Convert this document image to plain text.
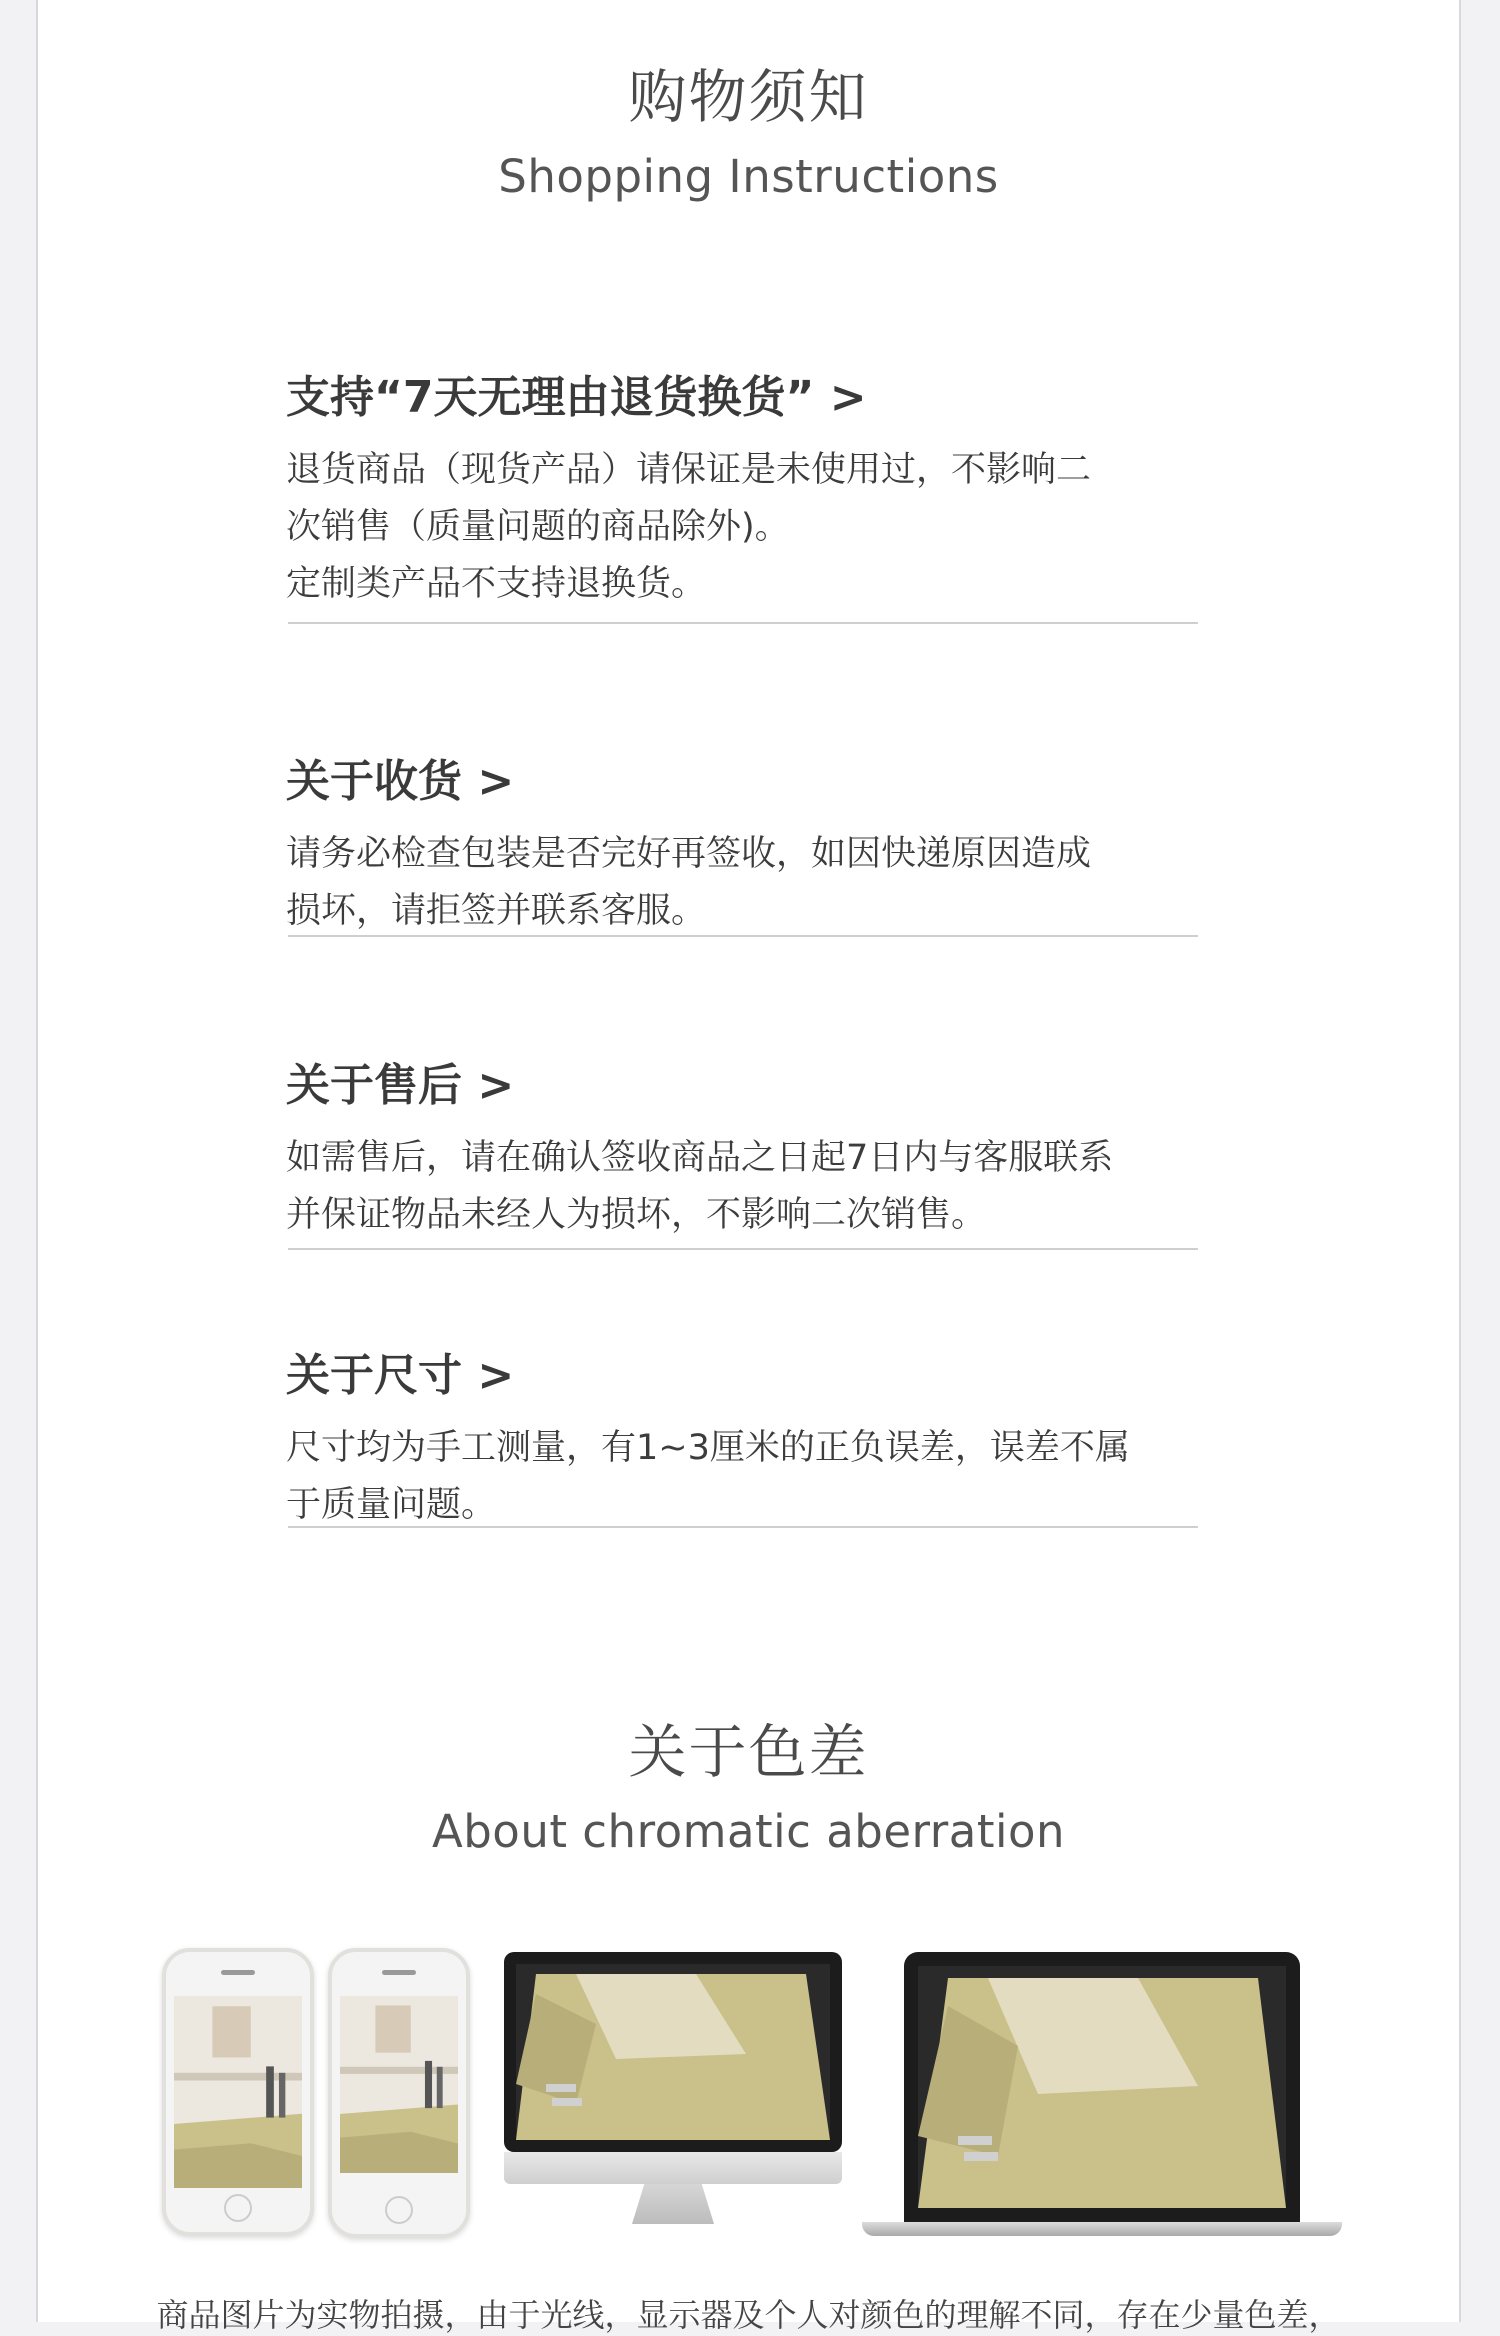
购物须知
Shopping Instructions
支持“7天无理由退货换货” >
退货商品（现货产品）请保证是未使用过，不影响二
次销售（质量问题的商品除外)。
定制类产品不支持退换货。
关于收货 >
请务必检查包装是否完好再签收，如因快递原因造成
损坏，请拒签并联系客服。
关于售后 >
如需售后，请在确认签收商品之日起7日内与客服联系
并保证物品未经人为损坏，不影响二次销售。
关于尺寸 >
尺寸均为手工测量，有1~3厘米的正负误差，误差不属
于质量问题。
关于色差
About chromatic aberration
商品图片为实物拍摄，由于光线，显示器及个人对颜色的理解不同，存在少量色差，
